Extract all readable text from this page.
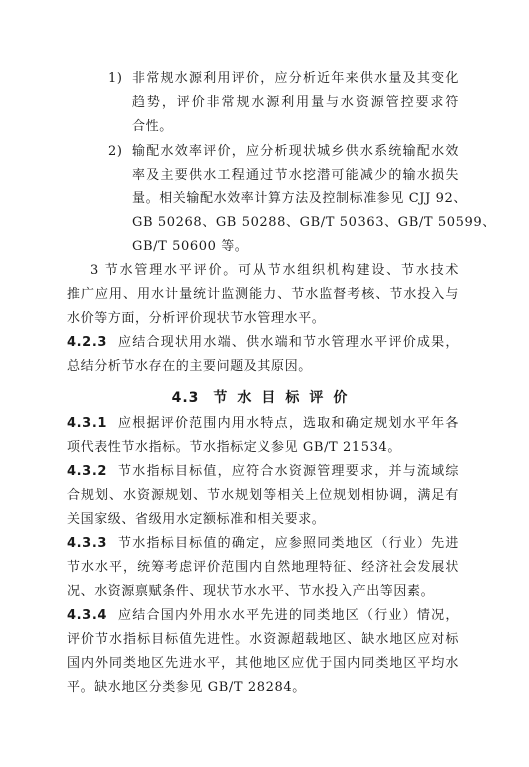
1) 非常规水源利用评价，应分析近年来供水量及其变化
趋势，评价非常规水源利用量与水资源管控要求符
合性。
2) 输配水效率评价，应分析现状城乡供水系统输配水效
率及主要供水工程通过节水挖潜可能减少的输水损失
量。相关输配水效率计算方法及控制标准参见 CJJ 92、
GB 50268、GB 50288、GB/T 50363、GB/T 50599、
GB/T 50600 等。
3 节水管理水平评价。可从节水组织机构建设、节水技术
推广应用、用水计量统计监测能力、节水监督考核、节水投入与
水价等方面，分析评价现状节水管理水平。
4.2.3 应结合现状用水端、供水端和节水管理水平评价成果，
总结分析节水存在的主要问题及其原因。
4.3 节水目标评价
4.3.1 应根据评价范围内用水特点，选取和确定规划水平年各
项代表性节水指标。节水指标定义参见 GB/T 21534。
4.3.2 节水指标目标值，应符合水资源管理要求，并与流域综
合规划、水资源规划、节水规划等相关上位规划相协调，满足有
关国家级、省级用水定额标准和相关要求。
4.3.3 节水指标目标值的确定，应参照同类地区（行业）先进
节水水平，统筹考虑评价范围内自然地理特征、经济社会发展状
况、水资源禀赋条件、现状节水水平、节水投入产出等因素。
4.3.4 应结合国内外用水水平先进的同类地区（行业）情况，
评价节水指标目标值先进性。水资源超载地区、缺水地区应对标
国内外同类地区先进水平，其他地区应优于国内同类地区平均水
平。缺水地区分类参见 GB/T 28284。
